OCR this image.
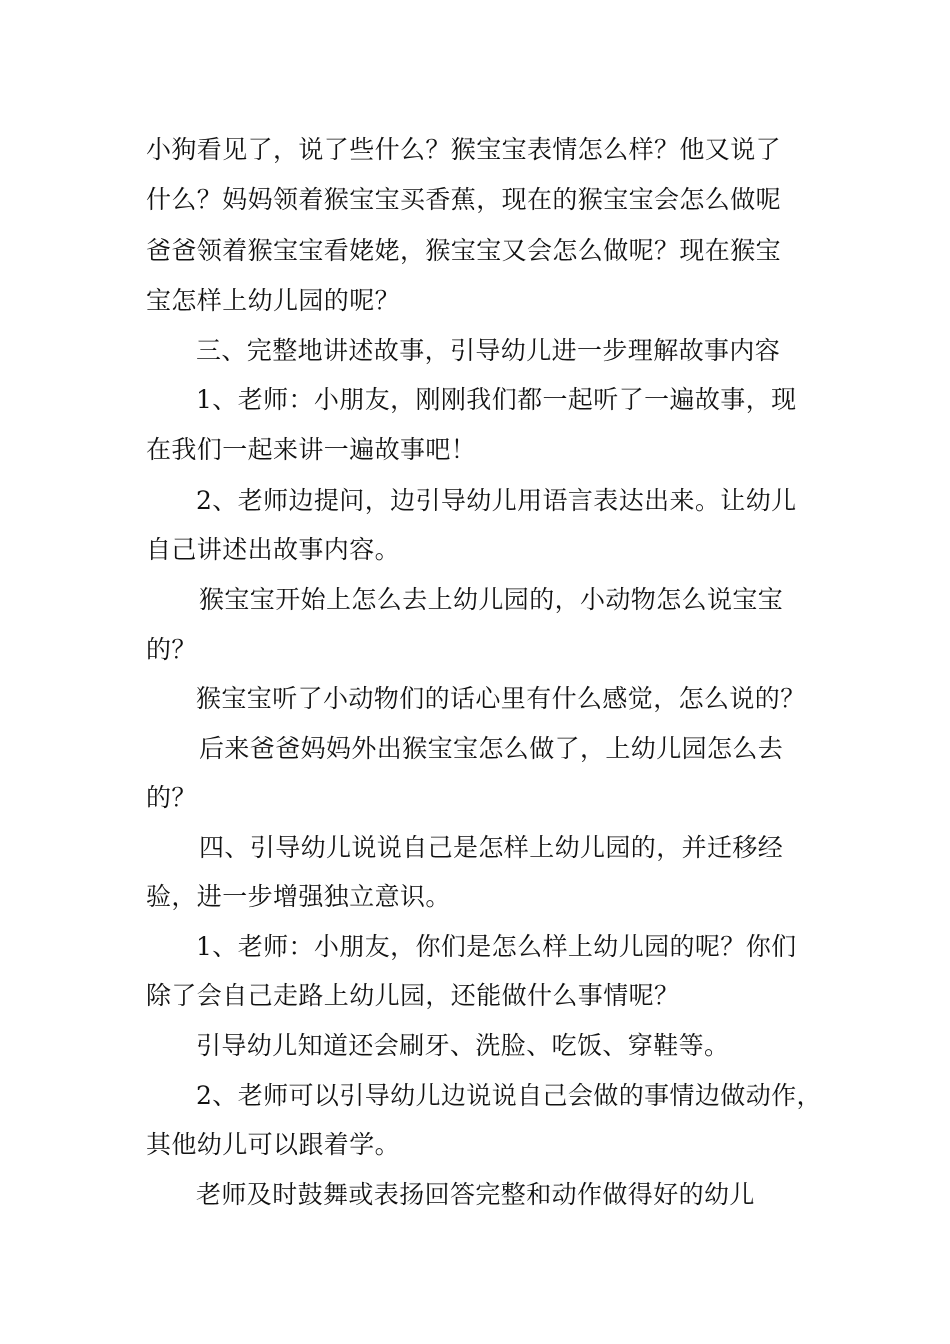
小狗看见了，说了些什么？猴宝宝表情怎么样？他又说了
什么？妈妈领着猴宝宝买香蕉，现在的猴宝宝会怎么做呢
爸爸领着猴宝宝看姥姥，猴宝宝又会怎么做呢？现在猴宝
宝怎样上幼儿园的呢？
三、完整地讲述故事，引导幼儿进一步理解故事内容
1、老师：小朋友，刚刚我们都一起听了一遍故事，现
在我们一起来讲一遍故事吧！
2、老师边提问，边引导幼儿用语言表达出来。让幼儿
自己讲述出故事内容。
猴宝宝开始上怎么去上幼儿园的，小动物怎么说宝宝
的？
猴宝宝听了小动物们的话心里有什么感觉，怎么说的？
后来爸爸妈妈外出猴宝宝怎么做了，上幼儿园怎么去
的？
四、引导幼儿说说自己是怎样上幼儿园的，并迁移经
验，进一步增强独立意识。
1、老师：小朋友，你们是怎么样上幼儿园的呢？你们
除了会自己走路上幼儿园，还能做什么事情呢？
引导幼儿知道还会刷牙、洗脸、吃饭、穿鞋等。
2、老师可以引导幼儿边说说自己会做的事情边做动作，
其他幼儿可以跟着学。
老师及时鼓舞或表扬回答完整和动作做得好的幼儿
